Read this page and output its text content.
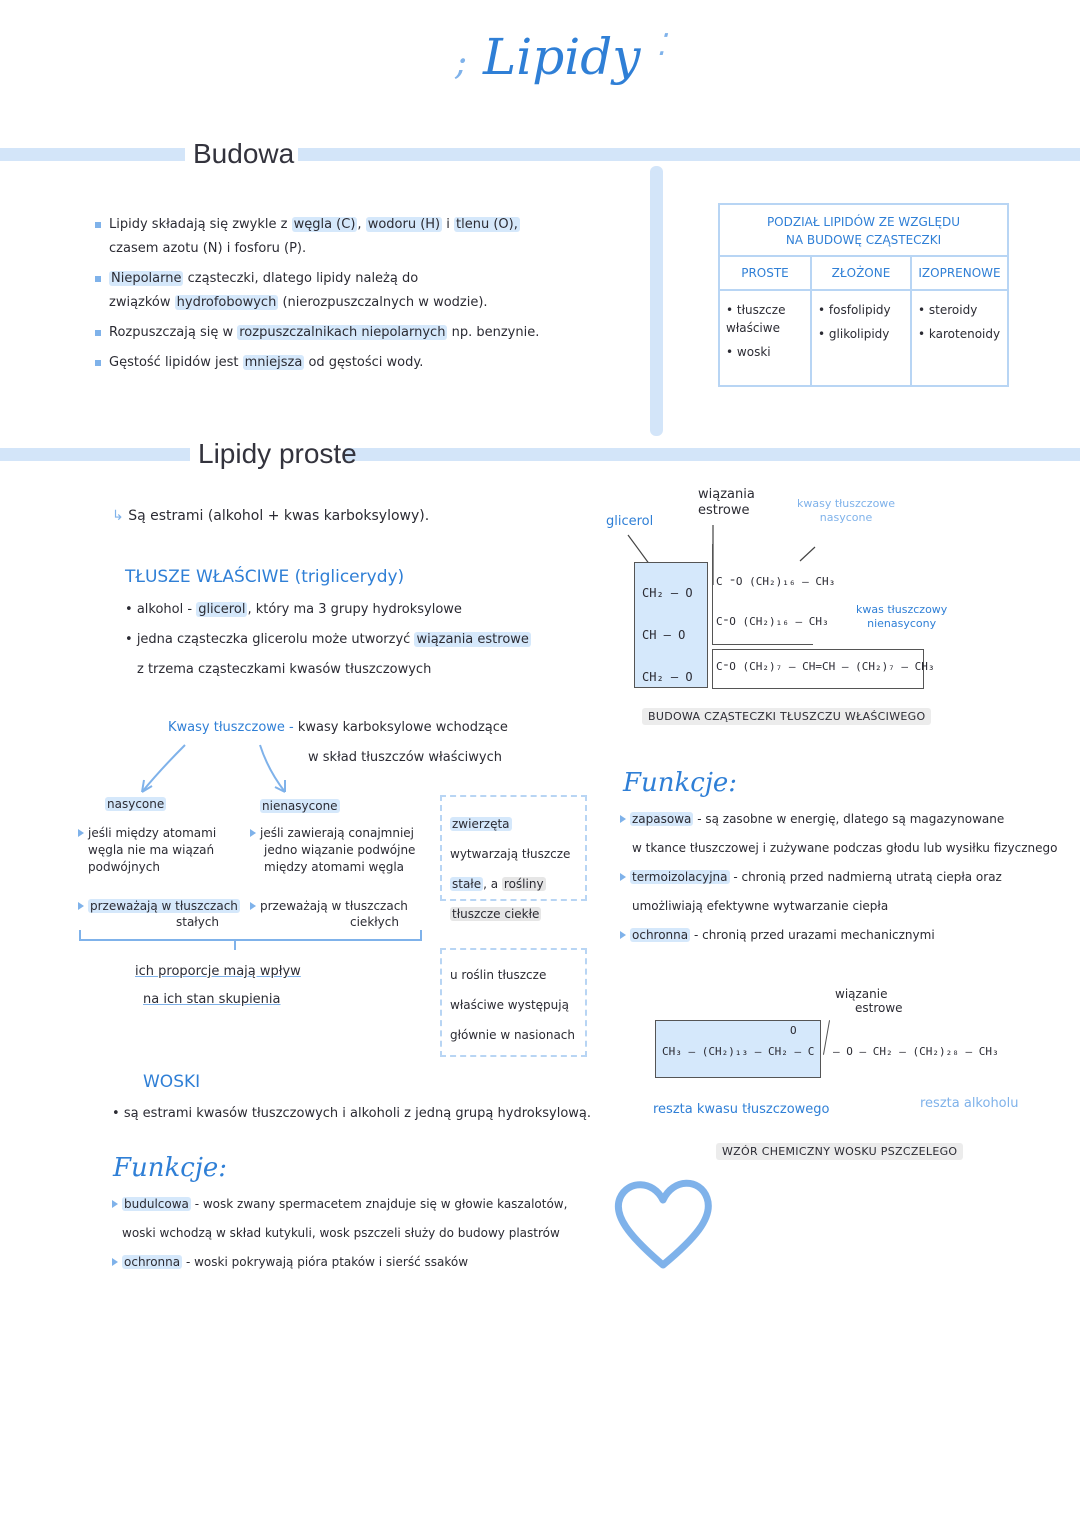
; Lipidy ⁚
Budowa
Lipidy składają się zwykle z węgla (C) , wodoru (H) i tlenu (O),
czasem azotu (N) i fosforu (P).
Niepolarne cząsteczki, dlatego lipidy należą do
związków hydrofobowych (nierozpuszczalnych w wodzie).
Rozpuszczają się w rozpuszczalnikach niepolarnych np. benzynie.
Gęstość lipidów jest mniejsza od gęstości wody.
PODZIAŁ LIPIDÓW ZE WZGLĘDU
NA BUDOWĘ CZĄSTECZKI
PROSTE
• tłuszcze właściwe
• woski
ZŁOŻONE
• fosfolipidy
• glikolipidy
IZOPRENOWE
• steroidy
• karotenoidy
Lipidy proste
↳ Są estrami (alkohol + kwas karboksylowy).
TŁUSZE WŁAŚCIWE (triglicerydy)
• alkohol - glicerol , który ma 3 grupy hydroksylowe
• jedna cząsteczka glicerolu może utworzyć wiązania estrowe
z trzema cząsteczkami kwasów tłuszczowych
Kwasy tłuszczowe - kwasy karboksylowe wchodzące
w skład tłuszczów właściwych
nasycone
jeśli między atomami
węgla nie ma wiązań
podwójnych
przeważają w tłuszczach
stałych
nienasycone
jeśli zawierają conajmniej
jedno wiązanie podwójne
między atomami węgla
przeważają w tłuszczach
ciekłych
ich proporcje mają wpływ
na ich stan skupienia
zwierzęta wytwarzają tłuszcze stałe , a rośliny tłuszcze ciekłe
u roślin tłuszcze
właściwe występują
głównie w nasionach
WOSKI
• są estrami kwasów tłuszczowych i alkoholi z jedną grupą hydroksylową.
glicerol
wiązania
estrowe	kwasy tłuszczowe
nasycone
kwas tłuszczowy
nienasycony
CH₂ — O
CH — O
CH₂ — O
C ⁼O (CH₂)₁₆ — CH₃
C⁼O (CH₂)₁₆ — CH₃
C⁼O (CH₂)₇ — CH=CH — (CH₂)₇ — CH₃
BUDOWA CZĄSTECZKI TŁUSZCZU WŁAŚCIWEGO
Funkcje:
zapasowa - są zasobne w energię, dlatego są magazynowane
w tkance tłuszczowej i zużywane podczas głodu lub wysiłku fizycznego
termoizolacyjna - chronią przed nadmierną utratą ciepła oraz
umożliwiają efektywne wytwarzanie ciepła
ochronna - chronią przed urazami mechanicznymi
wiązanie
estrowe
CH₃ — (CH₂)₁₃ — CH₂ — C
O
— O — CH₂ — (CH₂)₂₈ — CH₃
reszta kwasu tłuszczowego	reszta alkoholu
WZÓR CHEMICZNY WOSKU PSZCZELEGO
Funkcje:
budulcowa - wosk zwany spermacetem znajduje się w głowie kaszalotów,
woski wchodzą w skład kutykuli, wosk pszczeli służy do budowy plastrów
ochronna - woski pokrywają pióra ptaków i sierść ssaków
